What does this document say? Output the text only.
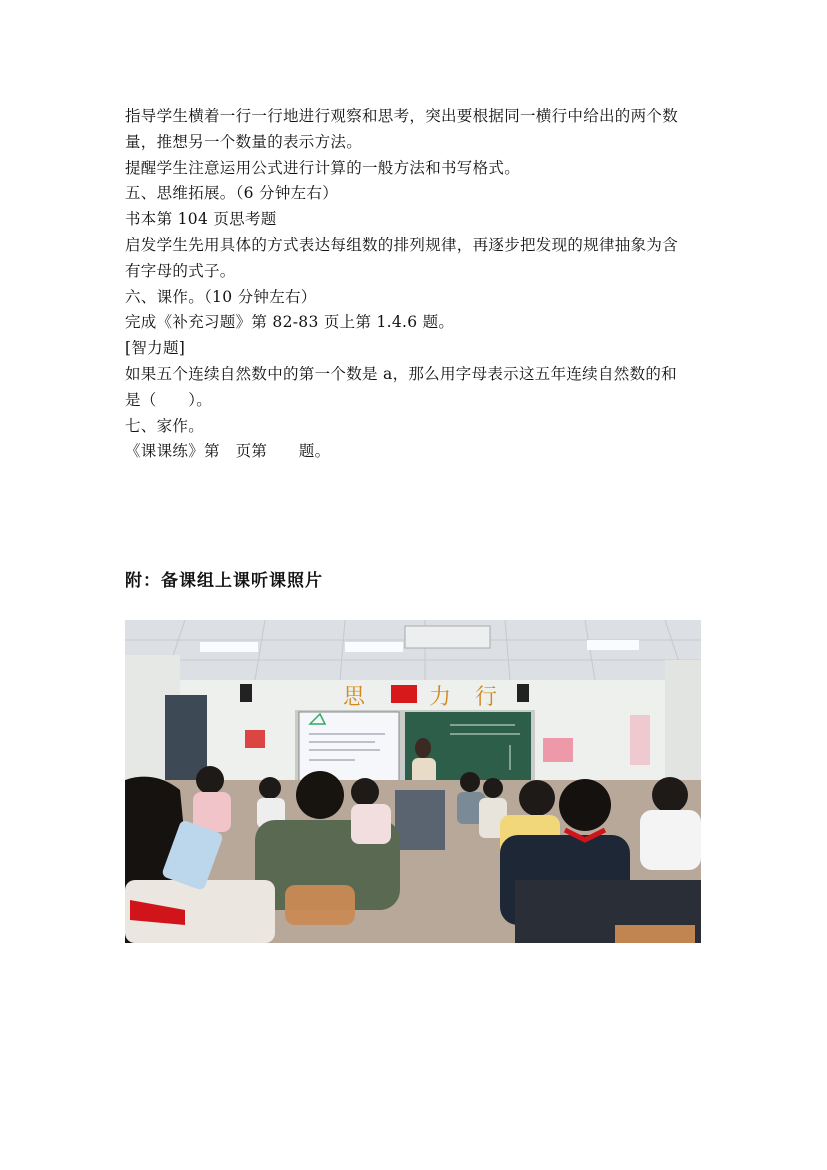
指导学生横着一行一行地进行观察和思考，突出要根据同一横行中给出的两个数
量，推想另一个数量的表示方法。
提醒学生注意运用公式进行计算的一般方法和书写格式。
五、思维拓展。（6 分钟左右）
书本第 104 页思考题
启发学生先用具体的方式表达每组数的排列规律，再逐步把发现的规律抽象为含
有字母的式子。
六、课作。（10 分钟左右）
完成《补充习题》第 82-83 页上第 1.4.6 题。
[智力题]
如果五个连续自然数中的第一个数是 a，那么用字母表示这五年连续自然数的和
是（　　）。
七、家作。
《课课练》第　页第　　题。
附：备课组上课听课照片
思	力 行
